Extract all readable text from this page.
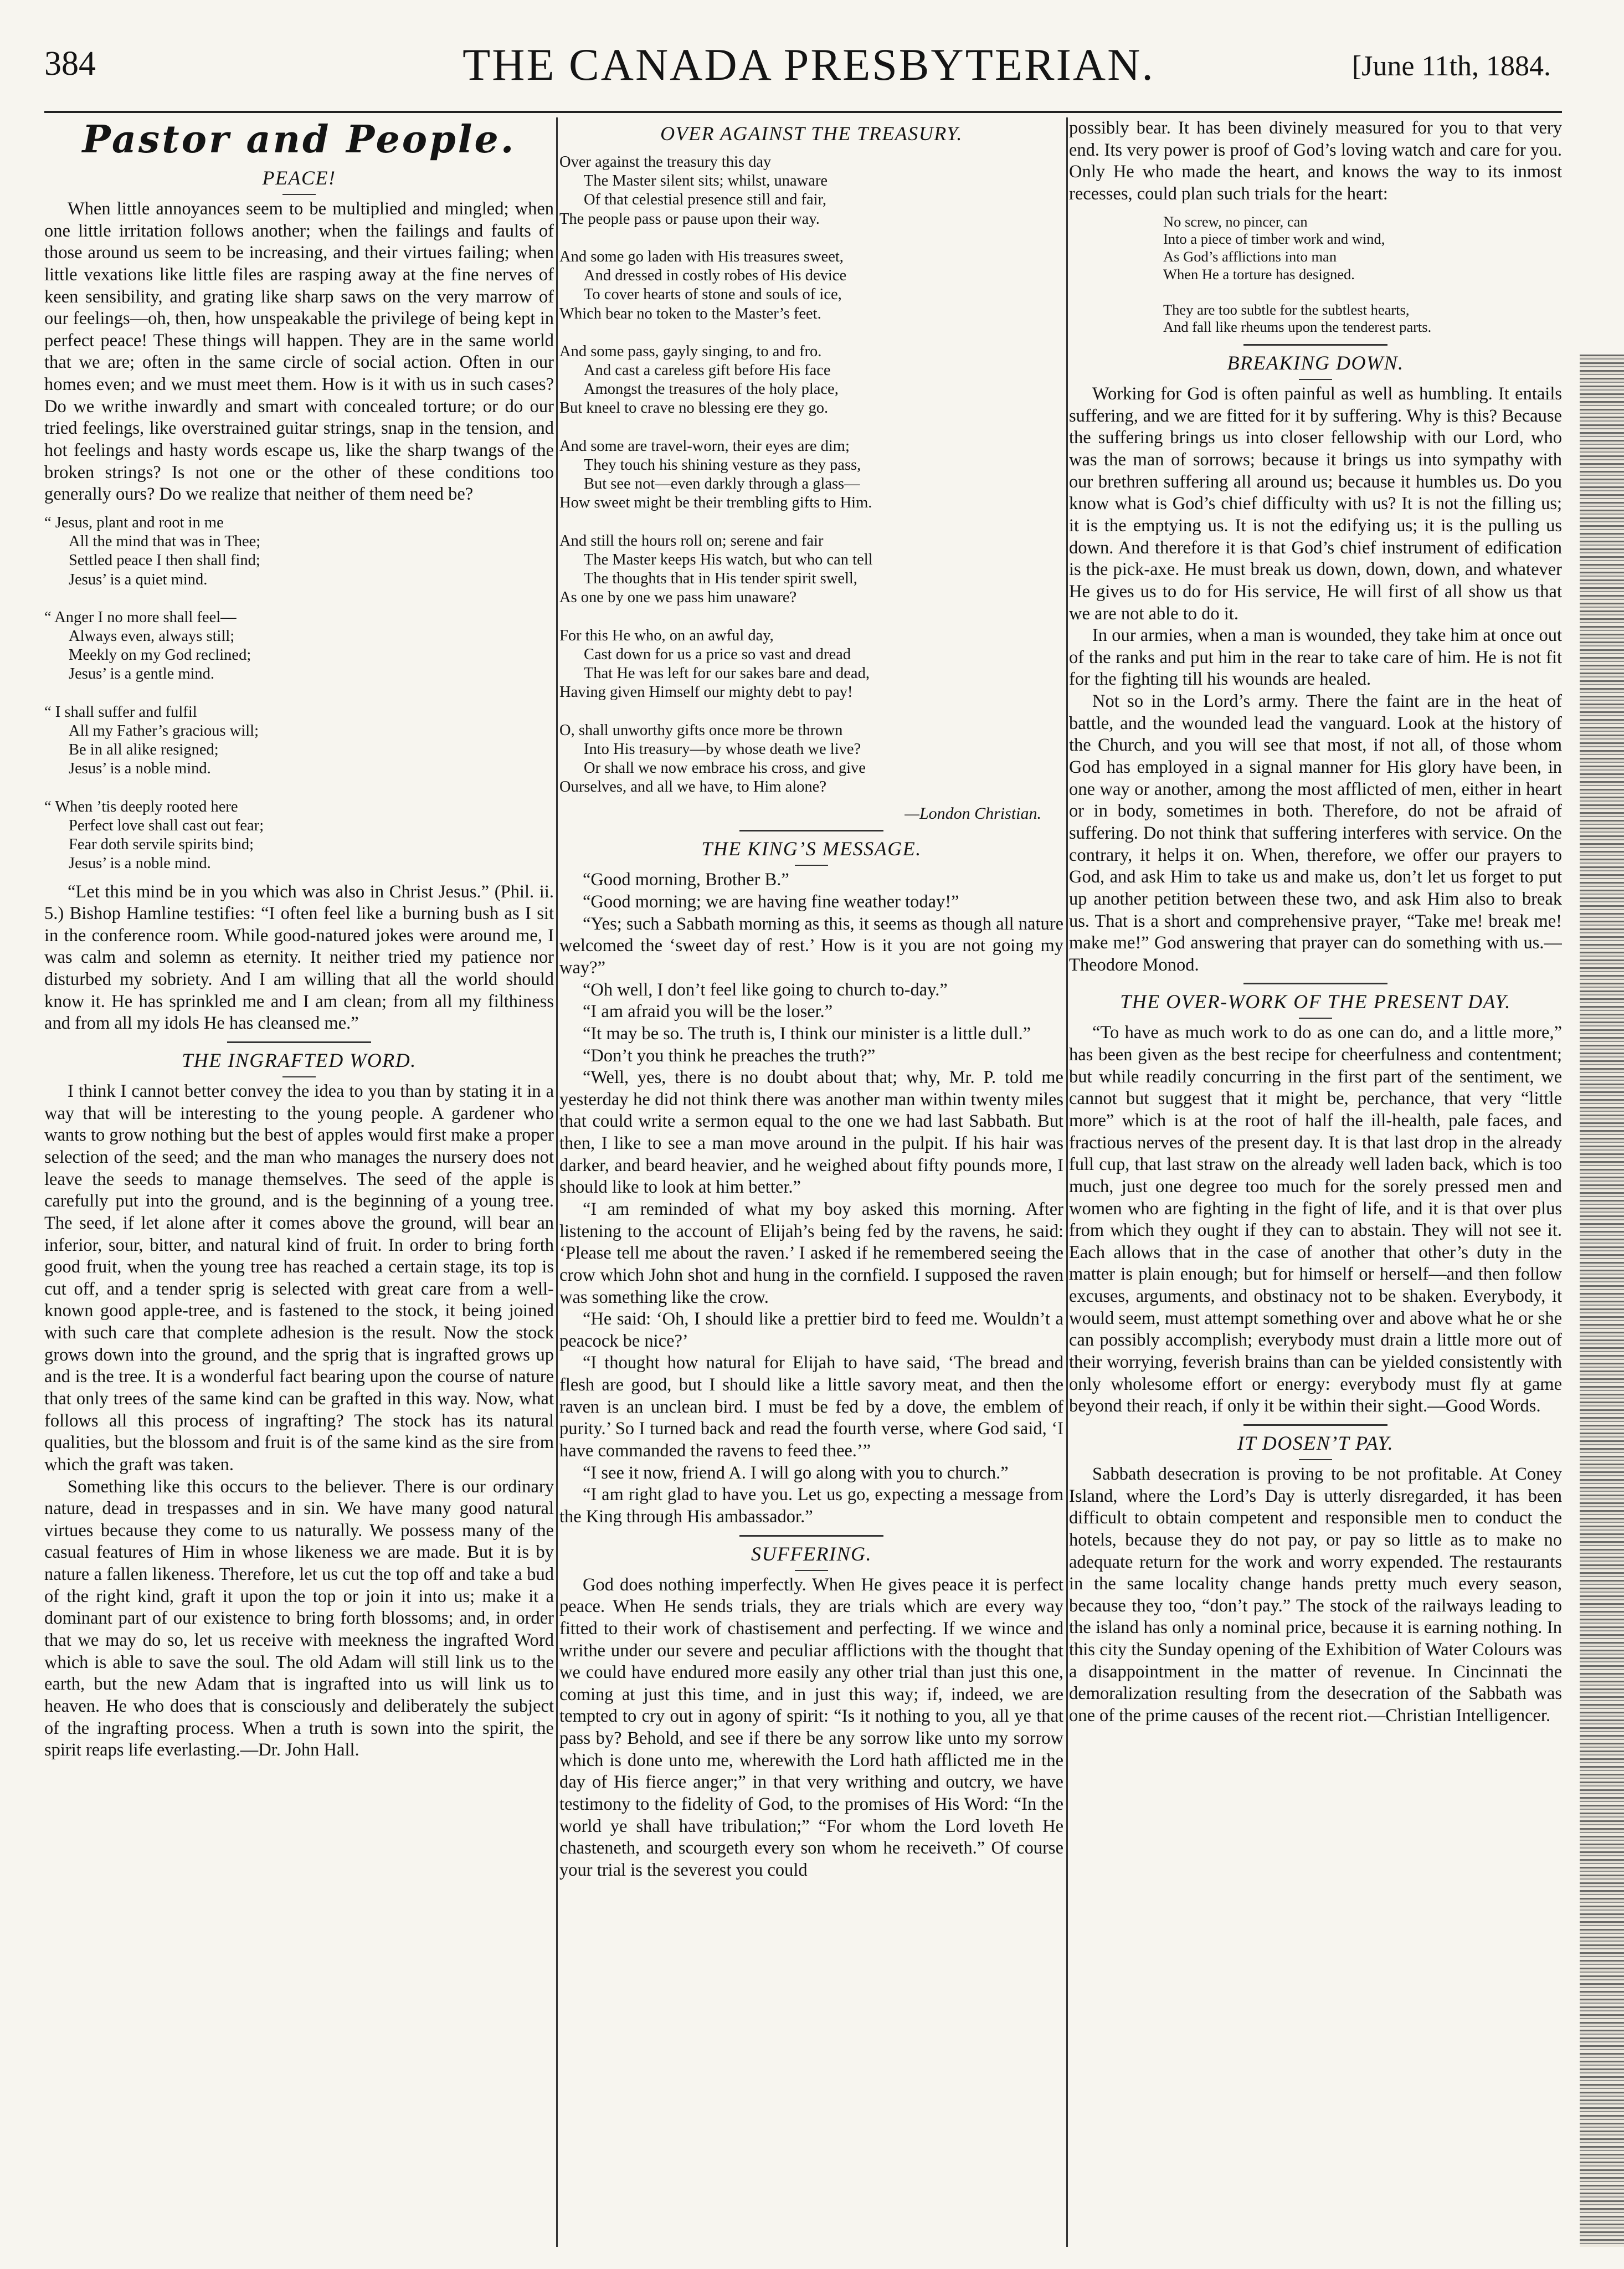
384	THE CANADA PRESBYTERIAN.	[June 11th, 1884.
Pastor and People.
PEACE!

When little annoyances seem to be multiplied and mingled; when one little irritation follows another; when the failings and faults of those around us seem to be increasing, and their virtues failing; when little vexations like little files are rasping away at the fine nerves of keen sensibility, and grating like sharp saws on the very marrow of our feelings—oh, then, how unspeakable the privilege of being kept in perfect peace! These things will happen. They are in the same world that we are; often in the same circle of social action. Often in our homes even; and we must meet them. How is it with us in such cases? Do we writhe inwardly and smart with concealed torture; or do our tried feelings, like overstrained guitar strings, snap in the tension, and hot feelings and hasty words escape us, like the sharp twangs of the broken strings? Is not one or the other of these conditions too generally ours? Do we realize that neither of them need be?

“ Jesus, plant and root in me
All the mind that was in Thee;
Settled peace I then shall find;
Jesus’ is a quiet mind.

“ Anger I no more shall feel—
Always even, always still;
Meekly on my God reclined;
Jesus’ is a gentle mind.

“ I shall suffer and fulfil
All my Father’s gracious will;
Be in all alike resigned;
Jesus’ is a noble mind.

“ When ’tis deeply rooted here
Perfect love shall cast out fear;
Fear doth servile spirits bind;
Jesus’ is a noble mind.

“Let this mind be in you which was also in Christ Jesus.” (Phil. ii. 5.) Bishop Hamline testifies: “I often feel like a burning bush as I sit in the conference room. While good-natured jokes were around me, I was calm and solemn as eternity. It neither tried my patience nor disturbed my sobriety. And I am willing that all the world should know it. He has sprinkled me and I am clean; from all my filthiness and from all my idols He has cleansed me.”

THE INGRAFTED WORD.

I think I cannot better convey the idea to you than by stating it in a way that will be interesting to the young people. A gardener who wants to grow nothing but the best of apples would first make a proper selection of the seed; and the man who manages the nursery does not leave the seeds to manage themselves. The seed of the apple is carefully put into the ground, and is the beginning of a young tree. The seed, if let alone after it comes above the ground, will bear an inferior, sour, bitter, and natural kind of fruit. In order to bring forth good fruit, when the young tree has reached a certain stage, its top is cut off, and a tender sprig is selected with great care from a well-known good apple-tree, and is fastened to the stock, it being joined with such care that complete adhesion is the result. Now the stock grows down into the ground, and the sprig that is ingrafted grows up and is the tree. It is a wonderful fact bearing upon the course of nature that only trees of the same kind can be grafted in this way. Now, what follows all this process of ingrafting? The stock has its natural qualities, but the blossom and fruit is of the same kind as the sire from which the graft was taken.

Something like this occurs to the believer. There is our ordinary nature, dead in trespasses and in sin. We have many good natural virtues because they come to us naturally. We possess many of the casual features of Him in whose likeness we are made. But it is by nature a fallen likeness. Therefore, let us cut the top off and take a bud of the right kind, graft it upon the top or join it into us; make it a dominant part of our existence to bring forth blossoms; and, in order that we may do so, let us receive with meekness the ingrafted Word which is able to save the soul. The old Adam will still link us to the earth, but the new Adam that is ingrafted into us will link us to heaven. He who does that is consciously and deliberately the subject of the ingrafting process. When a truth is sown into the spirit, the spirit reaps life everlasting.—Dr. John Hall.

OVER AGAINST THE TREASURY.
Over against the treasury this day
The Master silent sits; whilst, unaware
Of that celestial presence still and fair,
The people pass or pause upon their way.

And some go laden with His treasures sweet,
And dressed in costly robes of His device
To cover hearts of stone and souls of ice,
Which bear no token to the Master’s feet.

And some pass, gayly singing, to and fro.
And cast a careless gift before His face
Amongst the treasures of the holy place,
But kneel to crave no blessing ere they go.

And some are travel-worn, their eyes are dim;
They touch his shining vesture as they pass,
But see not—even darkly through a glass—
How sweet might be their trembling gifts to Him.

And still the hours roll on; serene and fair
The Master keeps His watch, but who can tell
The thoughts that in His tender spirit swell,
As one by one we pass him unaware?

For this He who, on an awful day,
Cast down for us a price so vast and dread
That He was left for our sakes bare and dead,
Having given Himself our mighty debt to pay!

O, shall unworthy gifts once more be thrown
Into His treasury—by whose death we live?
Or shall we now embrace his cross, and give
Ourselves, and all we have, to Him alone?
—London Christian.
THE KING’S MESSAGE.

“Good morning, Brother B.”

“Good morning; we are having fine weather today!”

“Yes; such a Sabbath morning as this, it seems as though all nature welcomed the ‘sweet day of rest.’ How is it you are not going my way?”

“Oh well, I don’t feel like going to church to-day.”

“I am afraid you will be the loser.”

“It may be so. The truth is, I think our minister is a little dull.”

“Don’t you think he preaches the truth?”

“Well, yes, there is no doubt about that; why, Mr. P. told me yesterday he did not think there was another man within twenty miles that could write a sermon equal to the one we had last Sabbath. But then, I like to see a man move around in the pulpit. If his hair was darker, and beard heavier, and he weighed about fifty pounds more, I should like to look at him better.”

“I am reminded of what my boy asked this morning. After listening to the account of Elijah’s being fed by the ravens, he said: ‘Please tell me about the raven.’ I asked if he remembered seeing the crow which John shot and hung in the cornfield. I supposed the raven was something like the crow.

“He said: ‘Oh, I should like a prettier bird to feed me. Wouldn’t a peacock be nice?’

“I thought how natural for Elijah to have said, ‘The bread and flesh are good, but I should like a little savory meat, and then the raven is an unclean bird. I must be fed by a dove, the emblem of purity.’ So I turned back and read the fourth verse, where God said, ‘I have commanded the ravens to feed thee.’”

“I see it now, friend A. I will go along with you to church.”

“I am right glad to have you. Let us go, expecting a message from the King through His ambassador.”

SUFFERING.

God does nothing imperfectly. When He gives peace it is perfect peace. When He sends trials, they are trials which are every way fitted to their work of chastisement and perfecting. If we wince and writhe under our severe and peculiar afflictions with the thought that we could have endured more easily any other trial than just this one, coming at just this time, and in just this way; if, indeed, we are tempted to cry out in agony of spirit: “Is it nothing to you, all ye that pass by? Behold, and see if there be any sorrow like unto my sorrow which is done unto me, wherewith the Lord hath afflicted me in the day of His fierce anger;” in that very writhing and outcry, we have testimony to the fidelity of God, to the promises of His Word: “In the world ye shall have tribulation;” “For whom the Lord loveth He chasteneth, and scourgeth every son whom he receiveth.” Of course your trial is the severest you could

possibly bear. It has been divinely measured for you to that very end. Its very power is proof of God’s loving watch and care for you. Only He who made the heart, and knows the way to its inmost recesses, could plan such trials for the heart:

No screw, no pincer, can
Into a piece of timber work and wind,
As God’s afflictions into man
When He a torture has designed.

They are too subtle for the subtlest hearts,
And fall like rheums upon the tenderest parts.
BREAKING DOWN.

Working for God is often painful as well as humbling. It entails suffering, and we are fitted for it by suffering. Why is this? Because the suffering brings us into closer fellowship with our Lord, who was the man of sorrows; because it brings us into sympathy with our brethren suffering all around us; because it humbles us. Do you know what is God’s chief difficulty with us? It is not the filling us; it is the emptying us. It is not the edifying us; it is the pulling us down. And therefore it is that God’s chief instrument of edification is the pick-axe. He must break us down, down, down, and whatever He gives us to do for His service, He will first of all show us that we are not able to do it.

In our armies, when a man is wounded, they take him at once out of the ranks and put him in the rear to take care of him. He is not fit for the fighting till his wounds are healed.

Not so in the Lord’s army. There the faint are in the heat of battle, and the wounded lead the vanguard. Look at the history of the Church, and you will see that most, if not all, of those whom God has employed in a signal manner for His glory have been, in one way or another, among the most afflicted of men, either in heart or in body, sometimes in both. Therefore, do not be afraid of suffering. Do not think that suffering interferes with service. On the contrary, it helps it on. When, therefore, we offer our prayers to God, and ask Him to take us and make us, don’t let us forget to put up another petition between these two, and ask Him also to break us. That is a short and comprehensive prayer, “Take me! break me! make me!” God answering that prayer can do something with us.—Theodore Monod.

THE OVER-WORK OF THE PRESENT DAY.

“To have as much work to do as one can do, and a little more,” has been given as the best recipe for cheerfulness and contentment; but while readily concurring in the first part of the sentiment, we cannot but suggest that it might be, perchance, that very “little more” which is at the root of half the ill-health, pale faces, and fractious nerves of the present day. It is that last drop in the already full cup, that last straw on the already well laden back, which is too much, just one degree too much for the sorely pressed men and women who are fighting in the fight of life, and it is that over plus from which they ought if they can to abstain. They will not see it. Each allows that in the case of another that other’s duty in the matter is plain enough; but for himself or herself—and then follow excuses, arguments, and obstinacy not to be shaken. Everybody, it would seem, must attempt something over and above what he or she can possibly accomplish; everybody must drain a little more out of their worrying, feverish brains than can be yielded consistently with only wholesome effort or energy: everybody must fly at game beyond their reach, if only it be within their sight.—Good Words.

IT DOSEN’T PAY.

Sabbath desecration is proving to be not profitable. At Coney Island, where the Lord’s Day is utterly disregarded, it has been difficult to obtain competent and responsible men to conduct the hotels, because they do not pay, or pay so little as to make no adequate return for the work and worry expended. The restaurants in the same locality change hands pretty much every season, because they too, “don’t pay.” The stock of the railways leading to the island has only a nominal price, because it is earning nothing. In this city the Sunday opening of the Exhibition of Water Colours was a disappointment in the matter of revenue. In Cincinnati the demoralization resulting from the desecration of the Sabbath was one of the prime causes of the recent riot.—Christian Intelligencer.
